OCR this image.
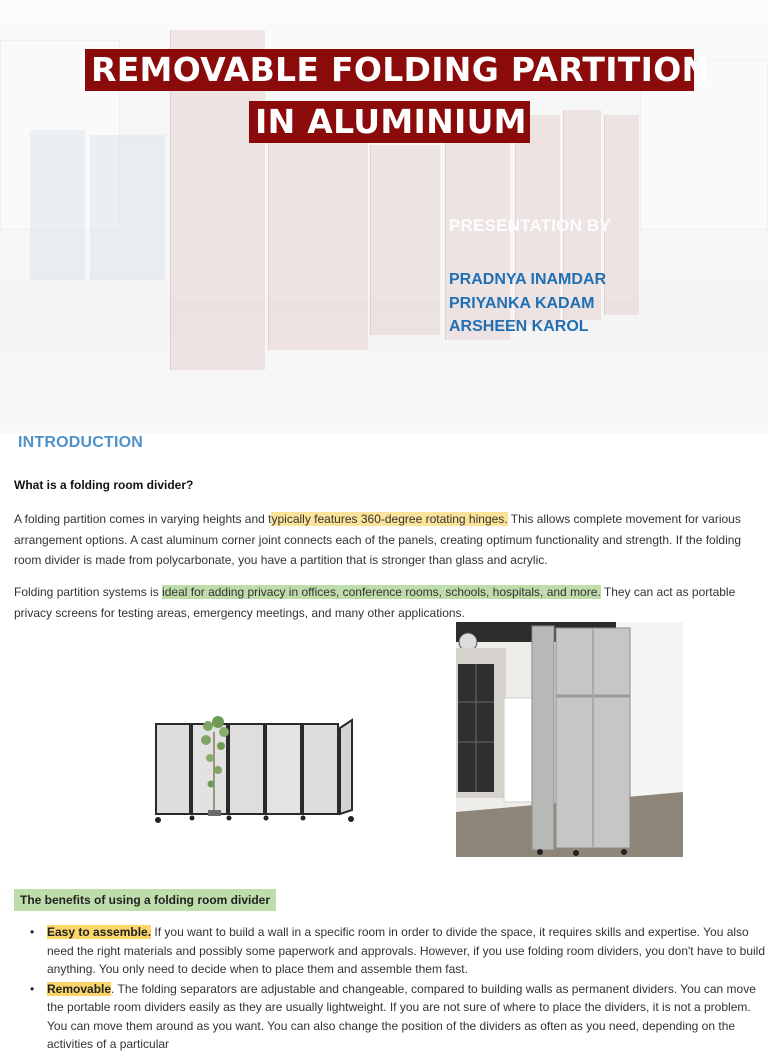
REMOVABLE FOLDING PARTITION
IN ALUMINIUM
PRESENTATION BY
PRADNYA INAMDAR
PRIYANKA KADAM
ARSHEEN KAROL
INTRODUCTION
What is a folding room divider?

A folding partition comes in varying heights and typically features 360-degree rotating hinges. This allows complete movement for various arrangement options. A cast aluminum corner joint connects each of the panels, creating optimum functionality and strength. If the folding room divider is made from polycarbonate, you have a partition that is stronger than glass and acrylic.

Folding partition systems is ideal for adding privacy in offices, conference rooms, schools, hospitals, and more. They can act as portable privacy screens for testing areas, emergency meetings, and many other applications.

The benefits of using a folding room divider
• Easy to assemble. If you want to build a wall in a specific room in order to divide the space, it requires skills and expertise. You also need the right materials and possibly some paperwork and approvals. However, if you use folding room dividers, you don't have to build anything. You only need to decide when to place them and assemble them fast.
• Removable. The folding separators are adjustable and changeable, compared to building walls as permanent dividers. You can move the portable room dividers easily as they are usually lightweight. If you are not sure of where to place the dividers, it is not a problem. You can move them around as you want. You can also change the position of the dividers as often as you need, depending on the activities of a particular
